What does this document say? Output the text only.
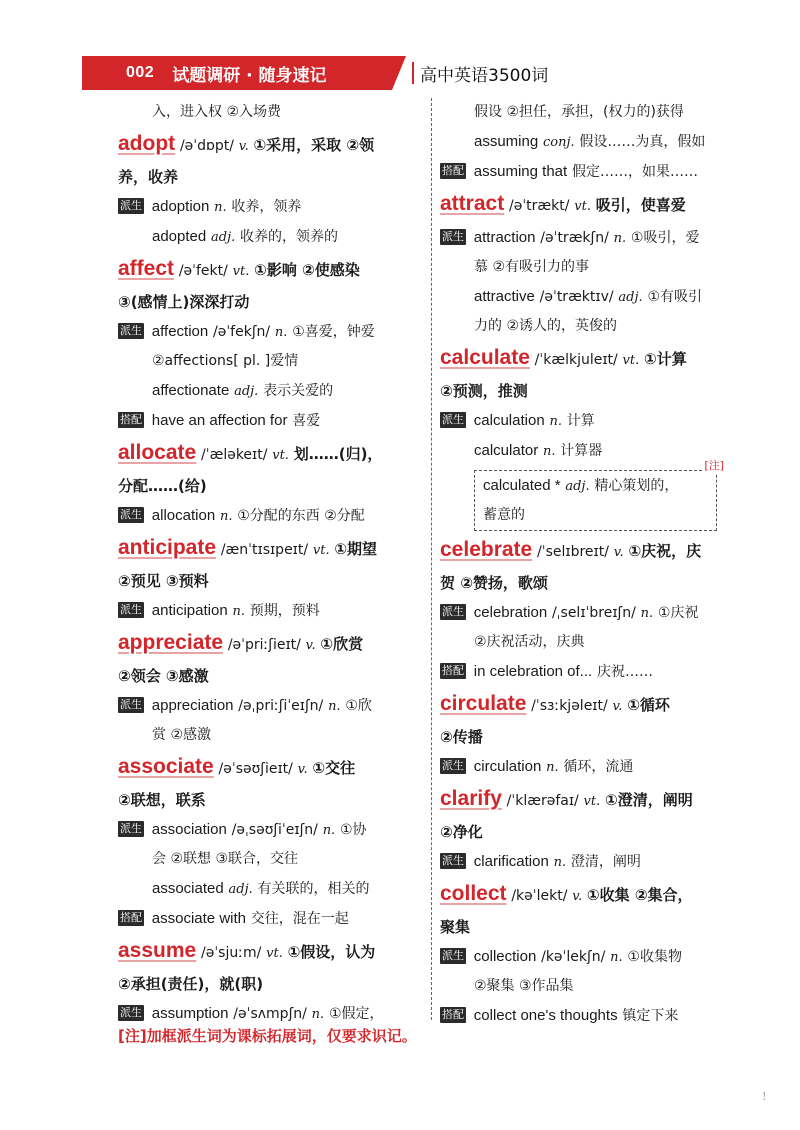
002 试题调研 · 随身速记	高中英语3500词
入，进入权 ②入场费
adopt /əˈdɒpt/ v. ①采用，采取 ②领
养，收养
派生 adoption n. 收养，领养
adopted adj. 收养的，领养的
affect /əˈfekt/ vt. ①影响 ②使感染
③(感情上)深深打动
派生 affection /əˈfekʃn/ n. ①喜爱，钟爱
②affections[ pl. ]爱情
affectionate adj. 表示关爱的
搭配 have an affection for 喜爱
allocate /ˈæləkeɪt/ vt. 划……(归)，
分配……(给)
派生 allocation n. ①分配的东西 ②分配
anticipate /ænˈtɪsɪpeɪt/ vt. ①期望
②预见 ③预料
派生 anticipation n. 预期，预料
appreciate /əˈpriːʃieɪt/ v. ①欣赏
②领会 ③感激
派生 appreciation /əˌpriːʃiˈeɪʃn/ n. ①欣
赏 ②感激
associate /əˈsəʊʃieɪt/ v. ①交往
②联想，联系
派生 association /əˌsəʊʃiˈeɪʃn/ n. ①协
会 ②联想 ③联合，交往
associated adj. 有关联的，相关的
搭配 associate with 交往，混在一起
assume /əˈsjuːm/ vt. ①假设，认为
②承担(责任)，就(职)
派生 assumption /əˈsʌmpʃn/ n. ①假定，
假设 ②担任，承担，(权力的)获得
assuming conj. 假设……为真，假如
搭配 assuming that 假定……，如果……
attract /əˈtrækt/ vt. 吸引，使喜爱
派生 attraction /əˈtrækʃn/ n. ①吸引，爱
慕 ②有吸引力的事
attractive /əˈtræktɪv/ adj. ①有吸引
力的 ②诱人的，英俊的
calculate /ˈkælkjuleɪt/ vt. ①计算
②预测，推测
派生 calculation n. 计算
calculator n. 计算器
[注]
calculated * adj. 精心策划的，
蓄意的
celebrate /ˈselɪbreɪt/ v. ①庆祝，庆
贺 ②赞扬，歌颂
派生 celebration /ˌselɪˈbreɪʃn/ n. ①庆祝
②庆祝活动，庆典
搭配 in celebration of... 庆祝……
circulate /ˈsɜːkjəleɪt/ v. ①循环
②传播
派生 circulation n. 循环，流通
clarify /ˈklærəfaɪ/ vt. ①澄清，阐明
②净化
派生 clarification n. 澄清，阐明
collect /kəˈlekt/ v. ①收集 ②集合，
聚集
派生 collection /kəˈlekʃn/ n. ①收集物
②聚集 ③作品集
搭配 collect one's thoughts 镇定下来
[注]加框派生词为课标拓展词，仅要求识记。
!
